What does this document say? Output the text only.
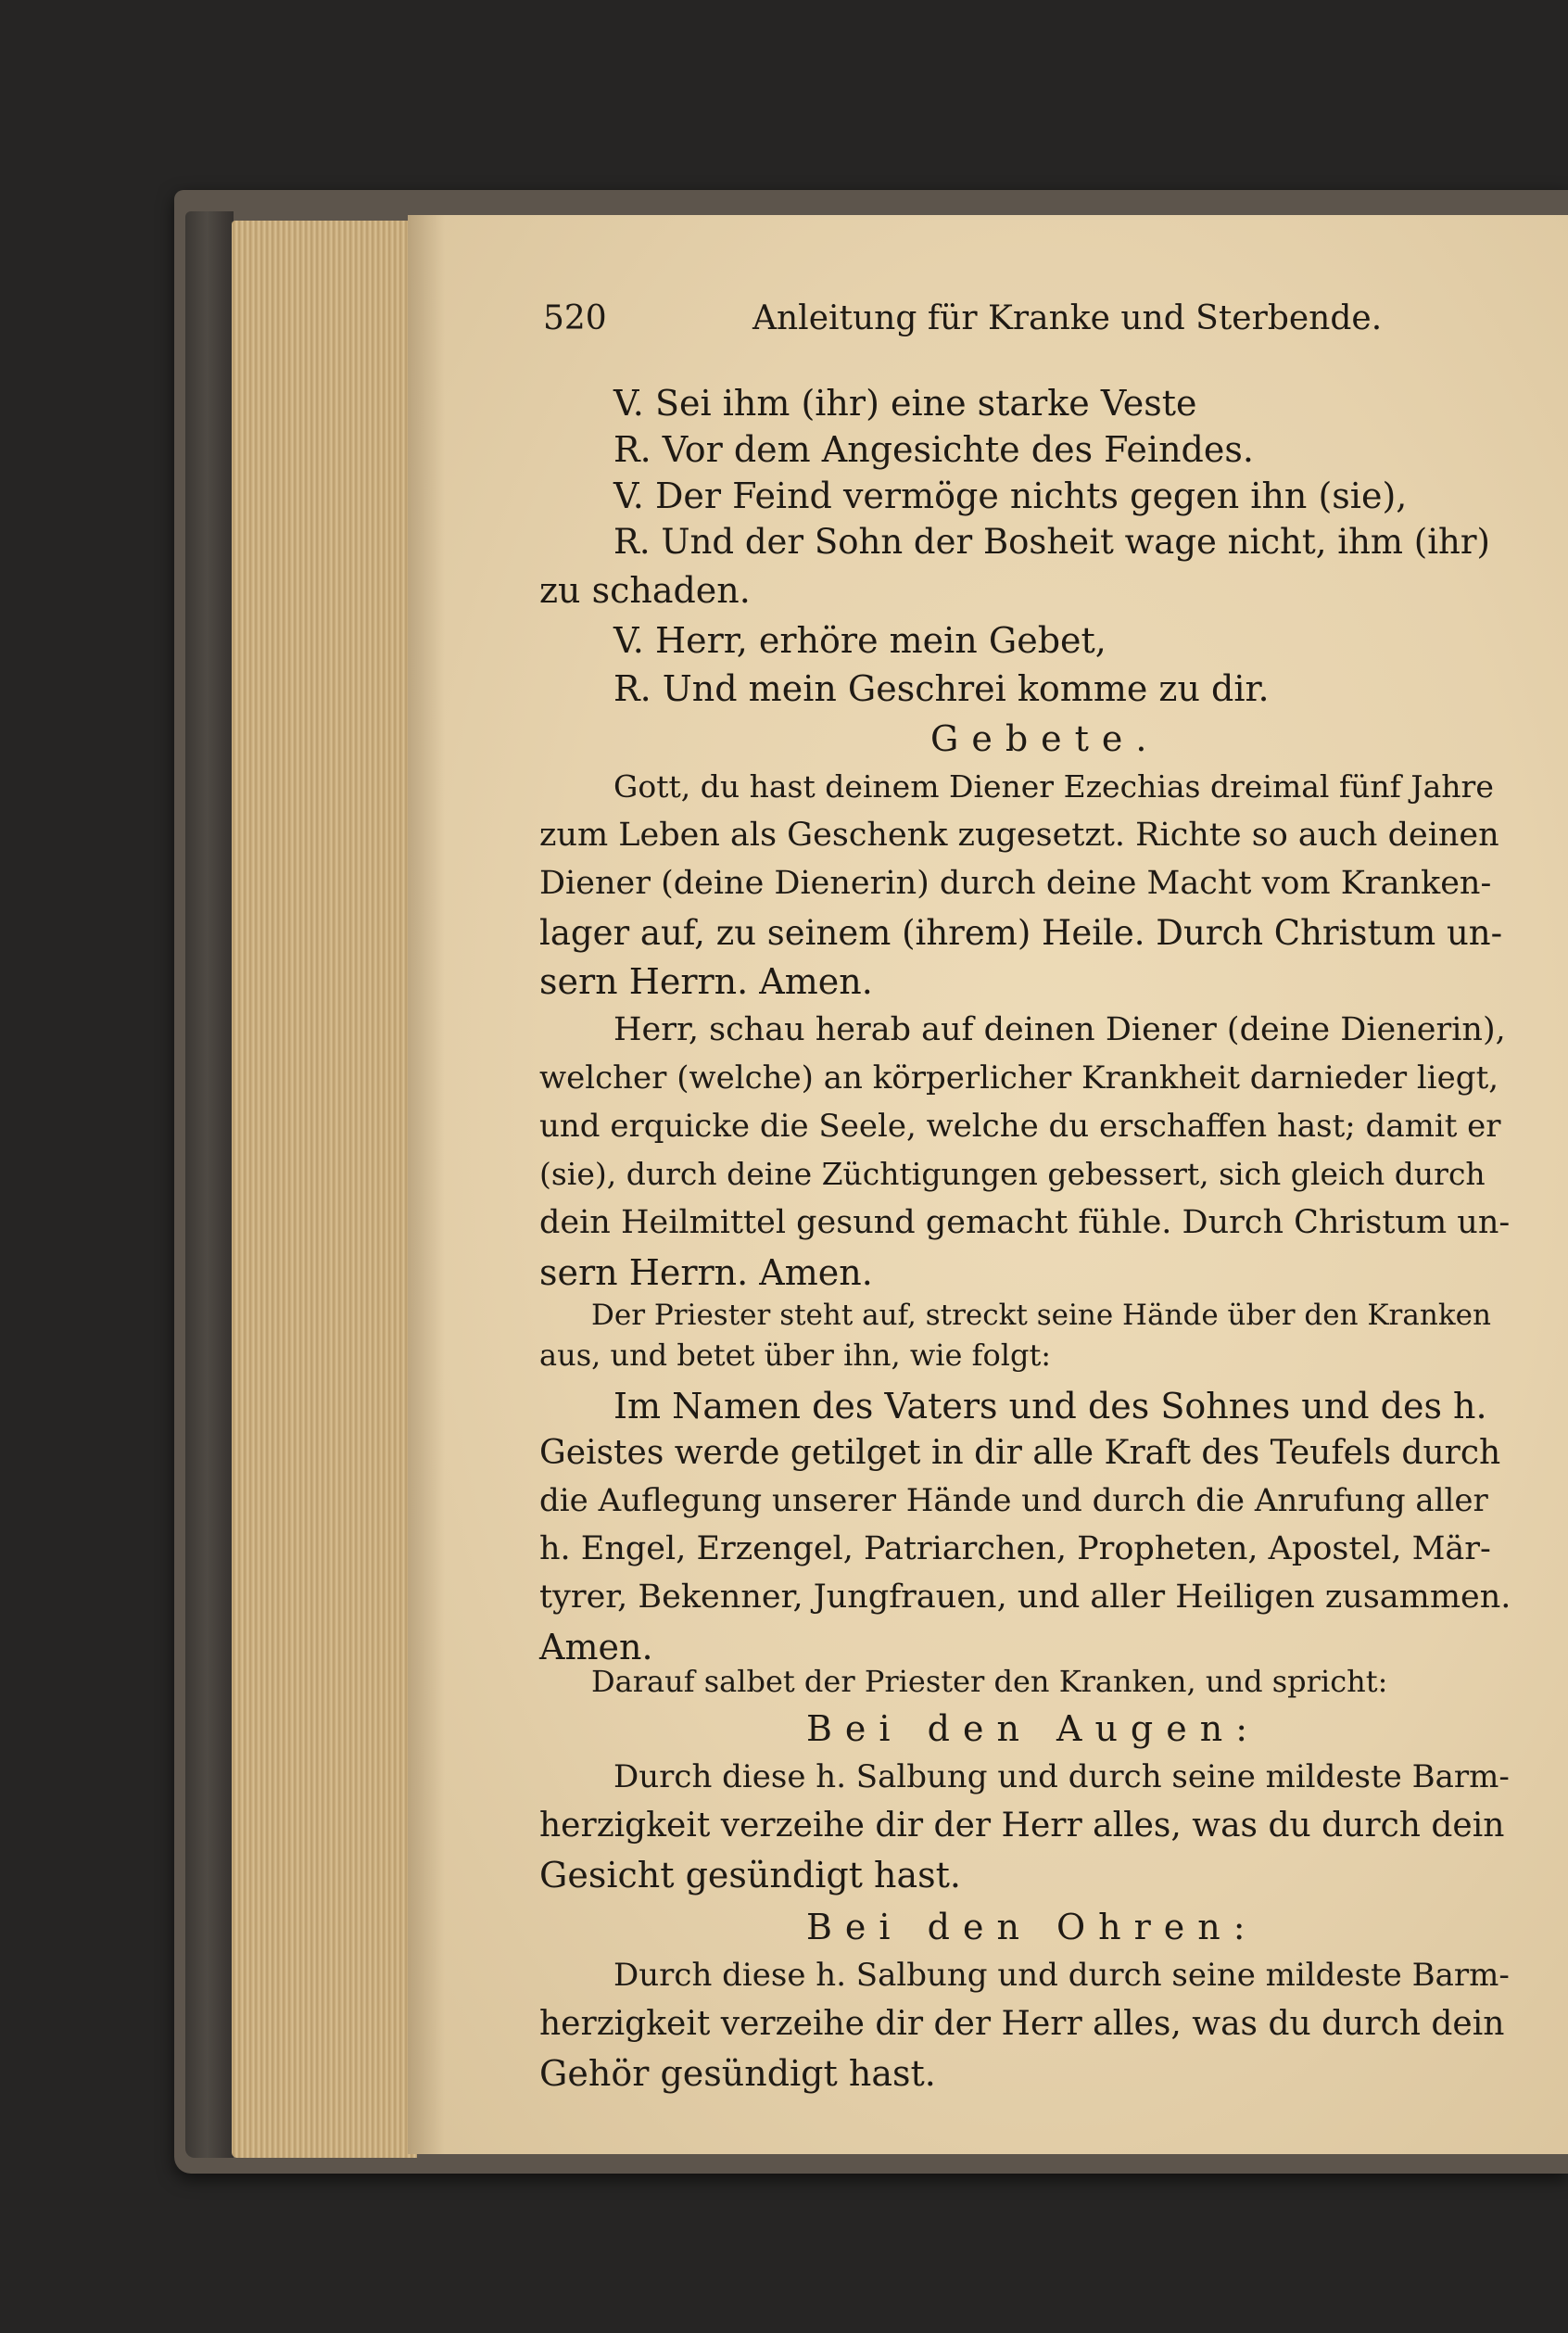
520	Anleitung für Kranke und Sterbende.
V. Sei ihm (ihr) eine starke Veste
R. Vor dem Angesichte des Feindes.
V. Der Feind vermöge nichts gegen ihn (sie),
R. Und der Sohn der Bosheit wage nicht, ihm (ihr)
zu schaden.
V. Herr, erhöre mein Gebet,
R. Und mein Geschrei komme zu dir.
Gebete.
Gott, du hast deinem Diener Ezechias dreimal fünf Jahre
zum Leben als Geschenk zugesetzt. Richte so auch deinen
Diener (deine Dienerin) durch deine Macht vom Kranken-
lager auf, zu seinem (ihrem) Heile. Durch Christum un-
sern Herrn. Amen.
Herr, schau herab auf deinen Diener (deine Dienerin),
welcher (welche) an körperlicher Krankheit darnieder liegt,
und erquicke die Seele, welche du erschaffen hast; damit er
(sie), durch deine Züchtigungen gebessert, sich gleich durch
dein Heilmittel gesund gemacht fühle. Durch Christum un-
sern Herrn. Amen.
Der Priester steht auf, streckt seine Hände über den Kranken
aus, und betet über ihn, wie folgt:
Im Namen des Vaters und des Sohnes und des h.
Geistes werde getilget in dir alle Kraft des Teufels durch
die Auflegung unserer Hände und durch die Anrufung aller
h. Engel, Erzengel, Patriarchen, Propheten, Apostel, Mär-
tyrer, Bekenner, Jungfrauen, und aller Heiligen zusammen.
Amen.
Darauf salbet der Priester den Kranken, und spricht:
Bei den Augen:
Durch diese h. Salbung und durch seine mildeste Barm-
herzigkeit verzeihe dir der Herr alles, was du durch dein
Gesicht gesündigt hast.
Bei den Ohren:
Durch diese h. Salbung und durch seine mildeste Barm-
herzigkeit verzeihe dir der Herr alles, was du durch dein
Gehör gesündigt hast.
